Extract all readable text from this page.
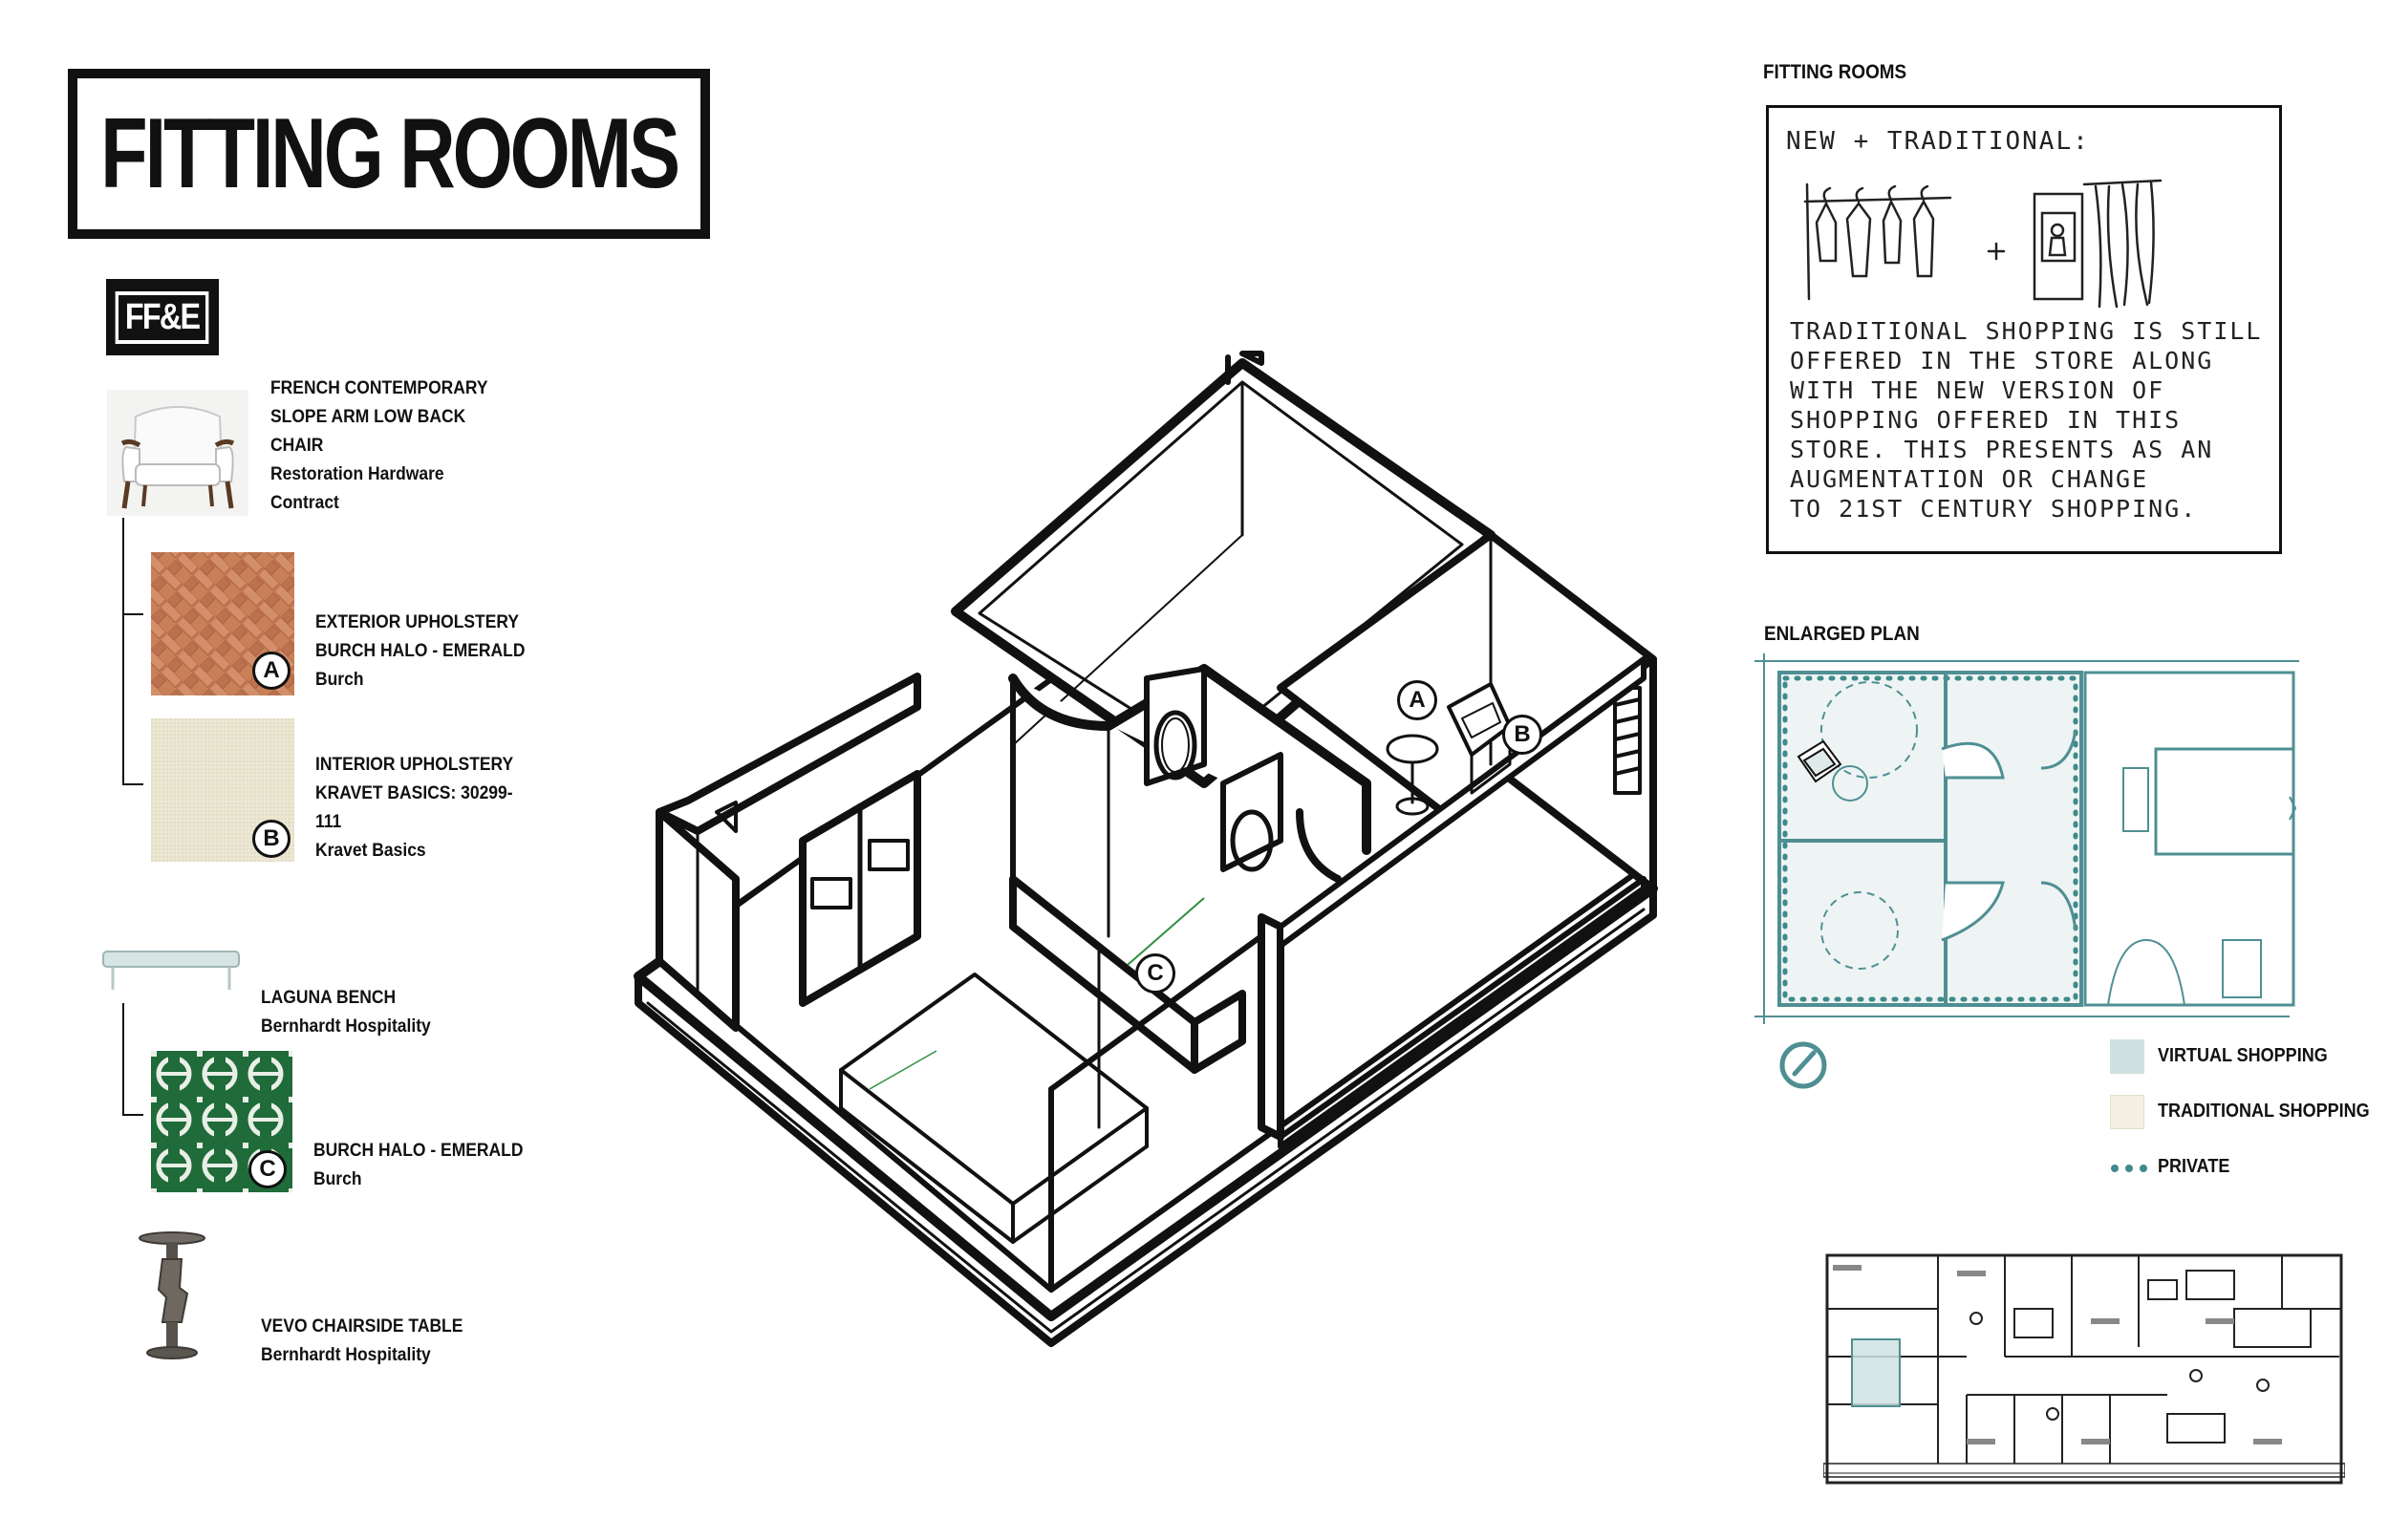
FITTING ROOMS
FF&E
FRENCH CONTEMPORARY
SLOPE ARM LOW BACK
CHAIR
Restoration Hardware
Contract
A
EXTERIOR UPHOLSTERY
BURCH HALO - EMERALD
Burch
B
INTERIOR UPHOLSTERY
KRAVET BASICS: 30299-
111
Kravet Basics
LAGUNA BENCH
Bernhardt Hospitality
C
BURCH HALO - EMERALD
Burch
VEVO CHAIRSIDE TABLE
Bernhardt Hospitality
A
B
C
FITTING ROOMS
NEW + TRADITIONAL:
TRADITIONAL SHOPPING IS STILL
OFFERED IN THE STORE ALONG
WITH THE NEW VERSION OF
SHOPPING OFFERED IN THIS
STORE. THIS PRESENTS AS AN
AUGMENTATION OR CHANGE
TO 21ST CENTURY SHOPPING.
ENLARGED PLAN
VIRTUAL SHOPPING
TRADITIONAL SHOPPING
PRIVATE
